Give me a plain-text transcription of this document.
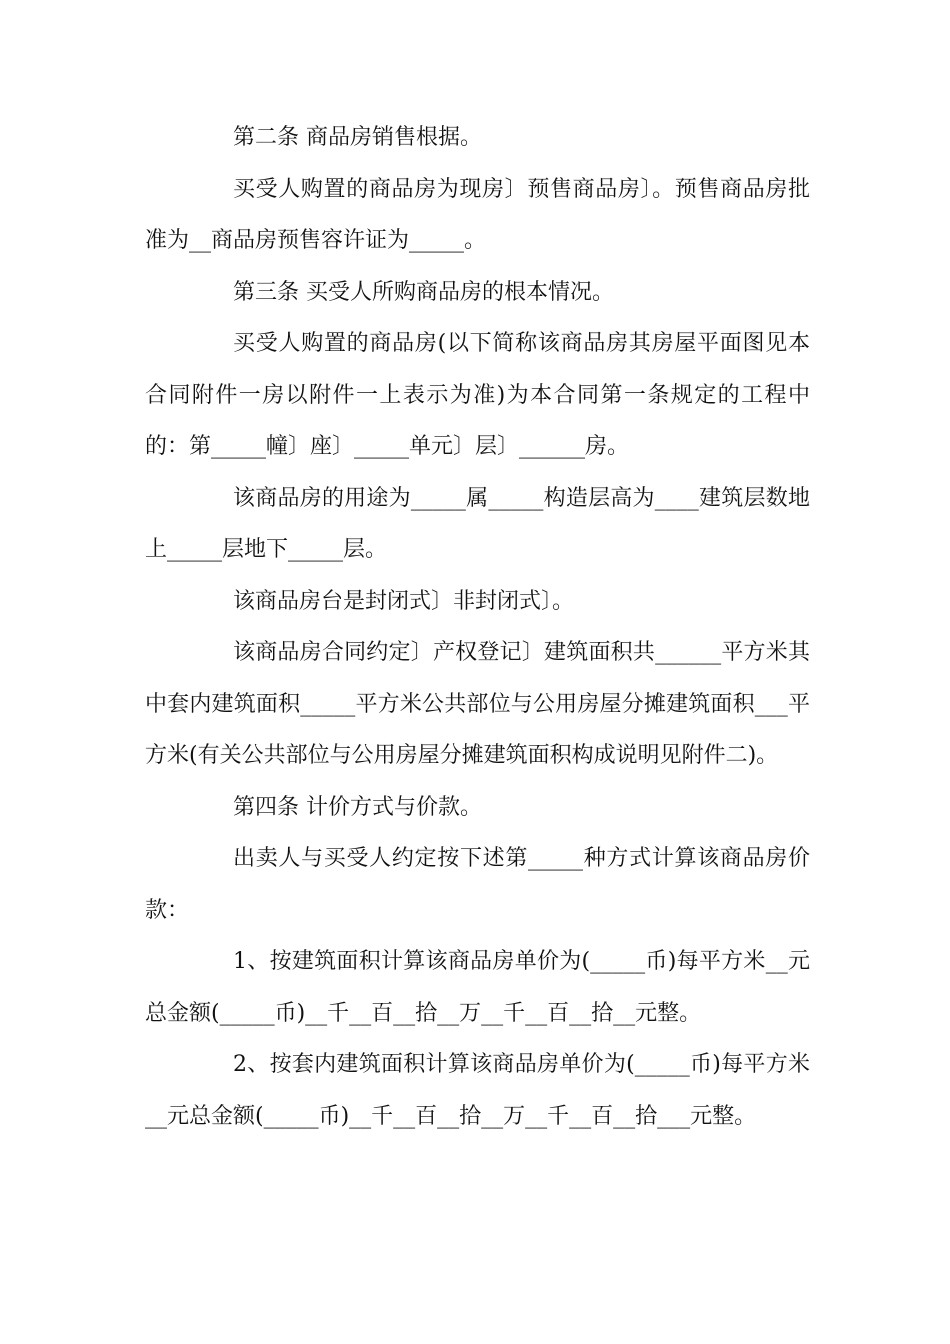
第二条 商品房销售根据。

买受人购置的商品房为现房〕预售商品房〕。预售商品房批准为__商品房预售容许证为_____。

第三条 买受人所购商品房的根本情况。

买受人购置的商品房(以下简称该商品房其房屋平面图见本合同附件一房以附件一上表示为准)为本合同第一条规定的工程中的：第_____幢〕座〕_____单元〕层〕______房。

该商品房的用途为_____属_____构造层高为____建筑层数地上_____层地下_____层。

该商品房台是封闭式〕非封闭式〕。

该商品房合同约定〕产权登记〕建筑面积共______平方米其中套内建筑面积_____平方米公共部位与公用房屋分摊建筑面积___平方米(有关公共部位与公用房屋分摊建筑面积构成说明见附件二)。

第四条 计价方式与价款。

出卖人与买受人约定按下述第_____种方式计算该商品房价款：

1、按建筑面积计算该商品房单价为(_____币)每平方米__元总金额(_____币)__千__百__拾__万__千__百__拾__元整。

2、按套内建筑面积计算该商品房单价为(_____币)每平方米__元总金额(_____币)__千__百__拾__万__千__百__拾___元整。
